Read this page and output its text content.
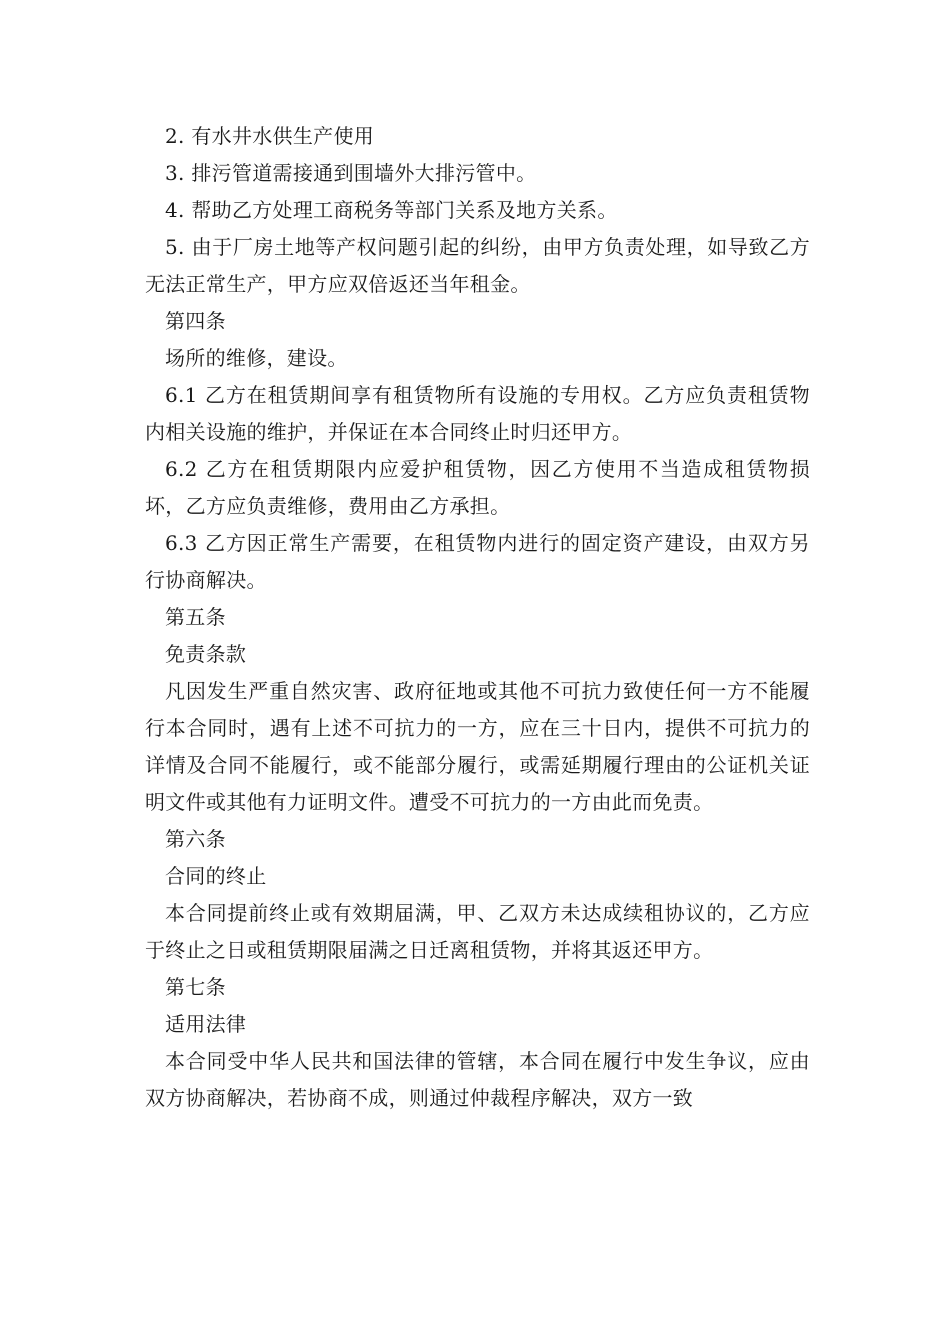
2. 有水井水供生产使用

3. 排污管道需接通到围墙外大排污管中。

4. 帮助乙方处理工商税务等部门关系及地方关系。

5. 由于厂房土地等产权问题引起的纠纷，由甲方负责处理，如导致乙方无法正常生产，甲方应双倍返还当年租金。

第四条

场所的维修，建设。

6.1 乙方在租赁期间享有租赁物所有设施的专用权。乙方应负责租赁物内相关设施的维护，并保证在本合同终止时归还甲方。

6.2 乙方在租赁期限内应爱护租赁物，因乙方使用不当造成租赁物损坏，乙方应负责维修，费用由乙方承担。

6.3 乙方因正常生产需要，在租赁物内进行的固定资产建设，由双方另行协商解决。

第五条

免责条款

凡因发生严重自然灾害、政府征地或其他不可抗力致使任何一方不能履行本合同时，遇有上述不可抗力的一方，应在三十日内，提供不可抗力的详情及合同不能履行，或不能部分履行，或需延期履行理由的公证机关证明文件或其他有力证明文件。遭受不可抗力的一方由此而免责。

第六条

合同的终止

本合同提前终止或有效期届满，甲、乙双方未达成续租协议的，乙方应于终止之日或租赁期限届满之日迁离租赁物，并将其返还甲方。

第七条

适用法律

本合同受中华人民共和国法律的管辖，本合同在履行中发生争议，应由双方协商解决，若协商不成，则通过仲裁程序解决，双方一致
